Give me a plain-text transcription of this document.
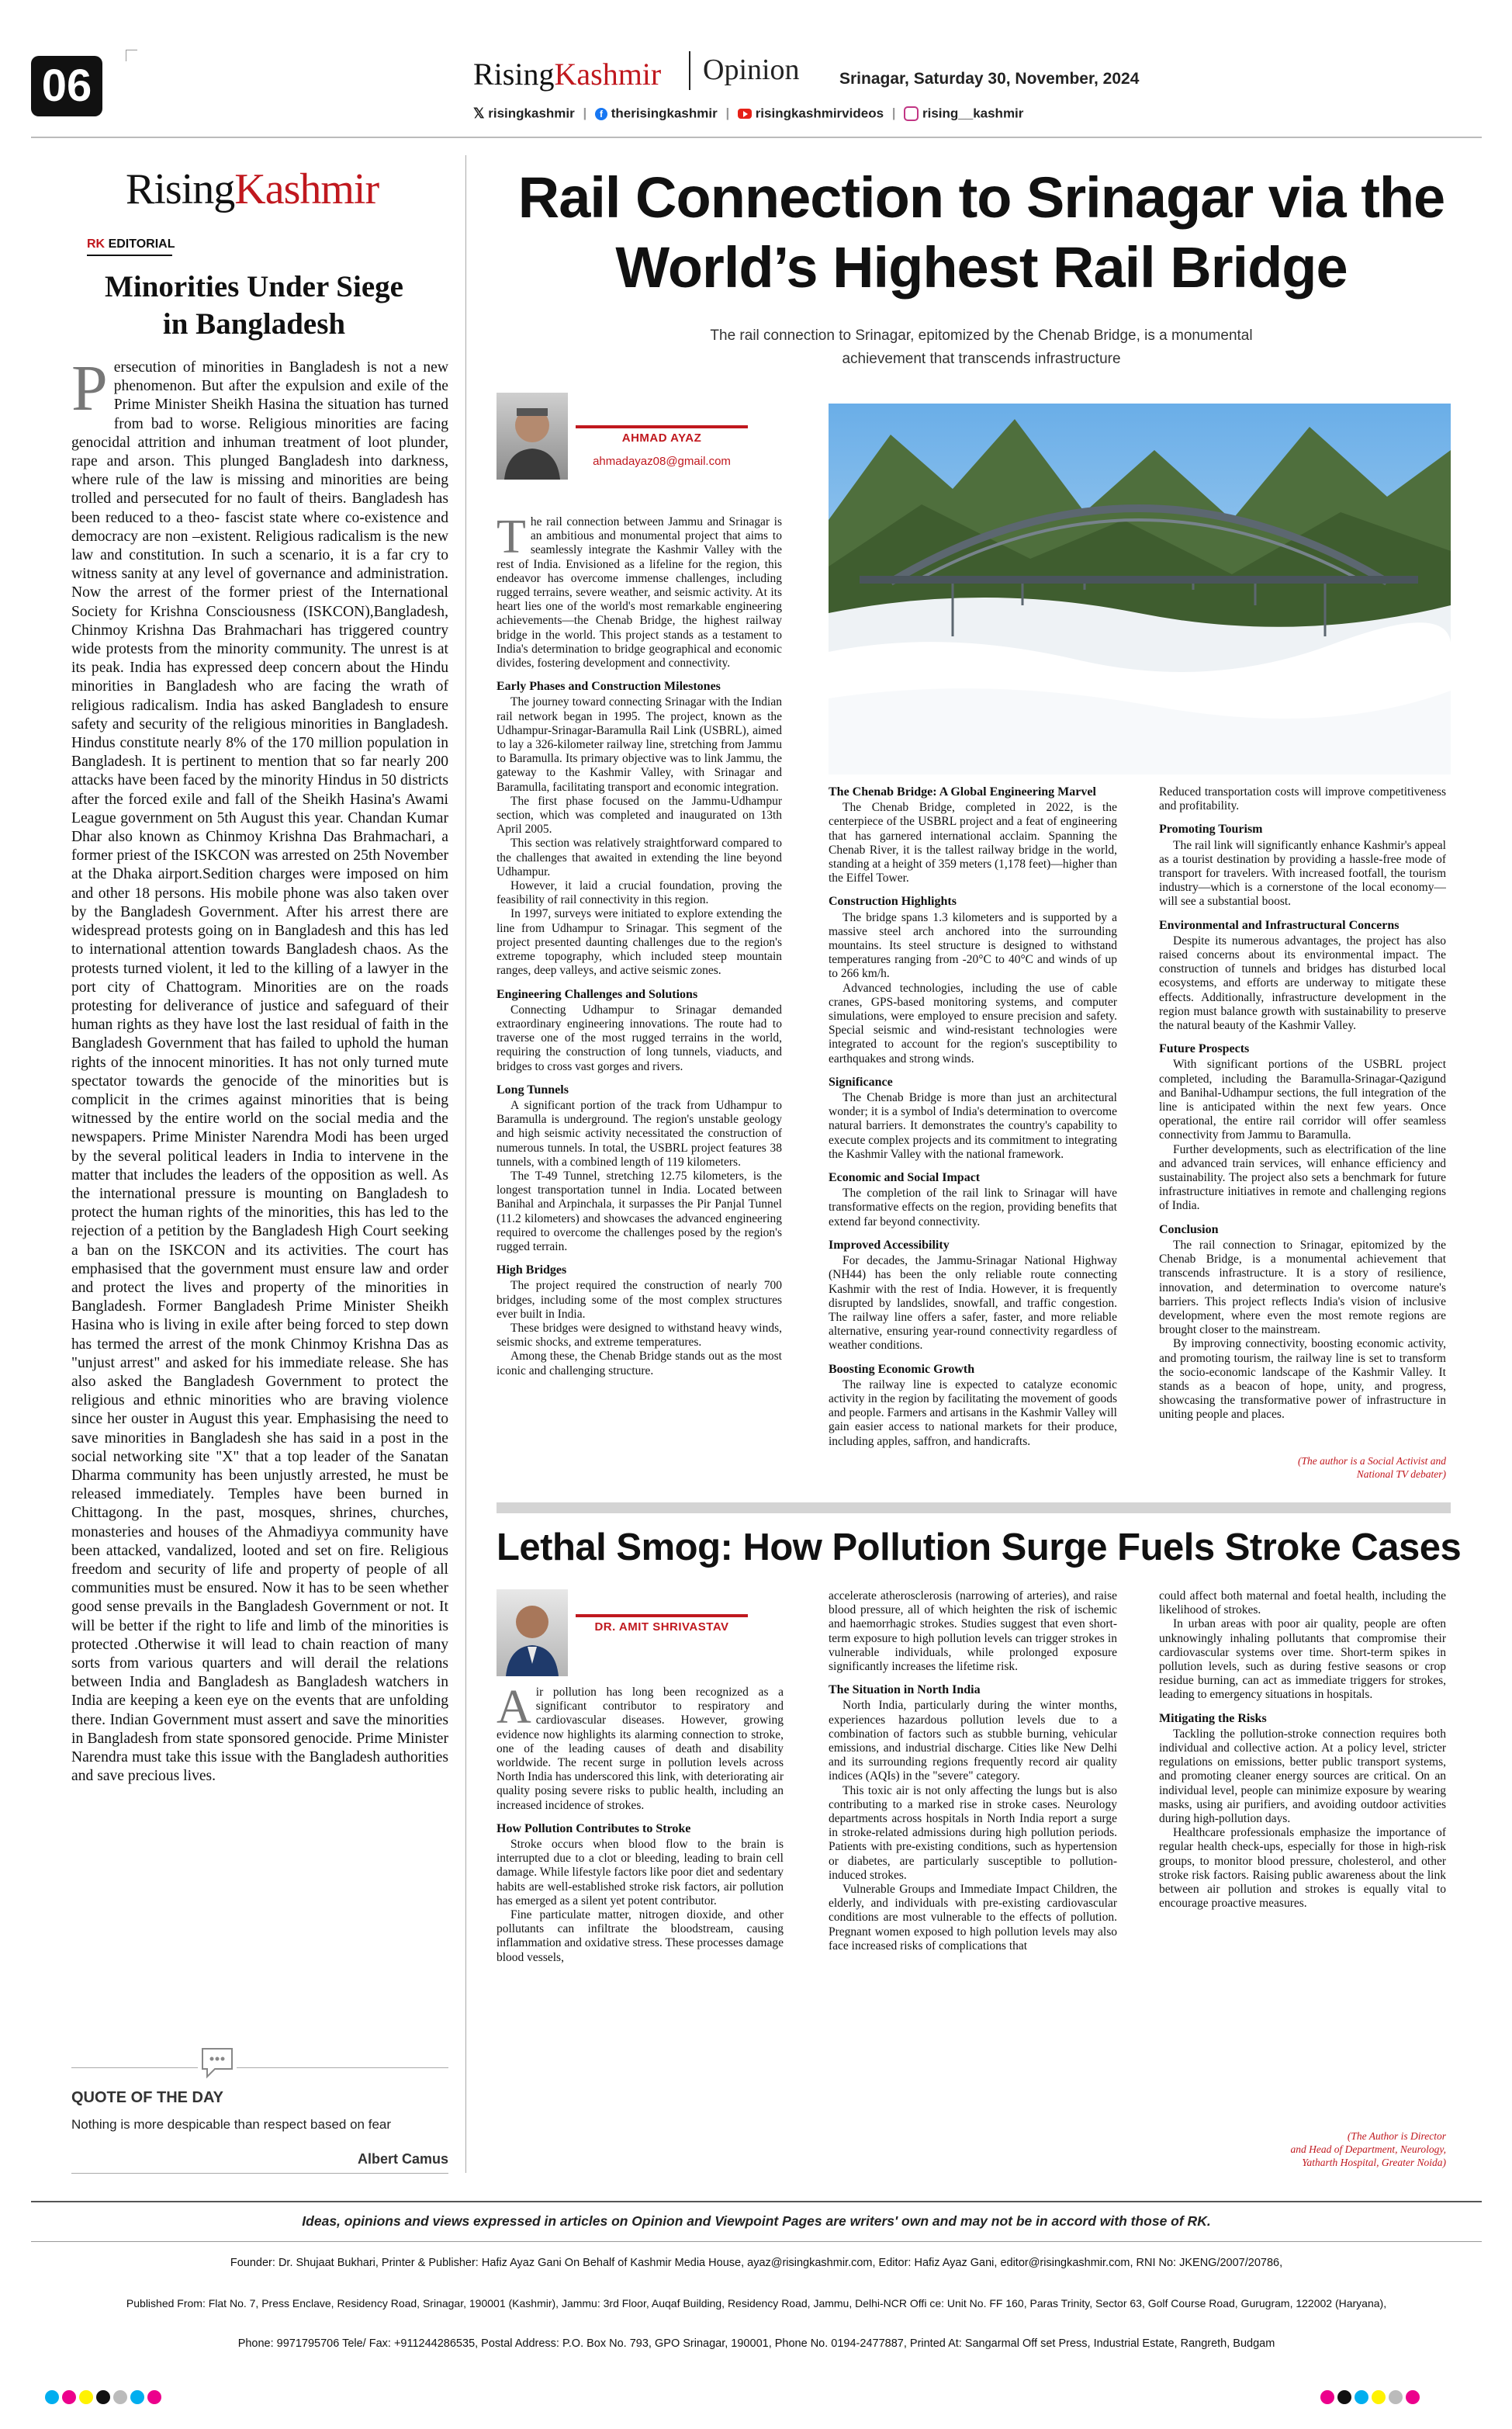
06	RisingKashmir Opinion Srinagar, Saturday 30, November, 2024
𝕏 risingkashmir | f therisingkashmir | risingkashmirvideos | rising__kashmir
RisingKashmir
RK EDITORIAL
Minorities Under Siege
in Bangladesh
Persecution of minorities in Bangladesh is not a new phenomenon. But after the expulsion and exile of the Prime Minister Sheikh Hasina the situation has turned from bad to worse. Religious minorities are facing genocidal attrition and inhuman treatment of loot plunder, rape and arson. This plunged Bangladesh into darkness, where rule of the law is missing and minorities are being trolled and persecuted for no fault of theirs. Bangladesh has been reduced to a theo- fascist state where co-existence and democracy are non –existent. Religious radicalism is the new law and constitution. In such a scenario, it is a far cry to witness sanity at any level of governance and administration. Now the arrest of the former priest of the International Society for Krishna Consciousness (ISKCON),Bangladesh, Chinmoy Krishna Das Brahmachari has triggered country wide protests from the minority community. The unrest is at its peak. India has expressed deep concern about the Hindu minorities in Bangladesh who are facing the wrath of religious radicalism. India has asked Bangladesh to ensure safety and security of the religious minorities in Bangladesh. Hindus constitute nearly 8% of the 170 million population in Bangladesh. It is pertinent to mention that so far nearly 200 attacks have been faced by the minority Hindus in 50 districts after the forced exile and fall of the Sheikh Hasina's Awami League government on 5th August this year. Chandan Kumar Dhar also known as Chinmoy Krishna Das Brahmachari, a former priest of the ISKCON was arrested on 25th November at the Dhaka airport.Sedition charges were imposed on him and other 18 persons. His mobile phone was also taken over by the Bangladesh Government. After his arrest there are widespread protests going on in Bangladesh and this has led to international attention towards Bangladesh chaos. As the protests turned violent, it led to the killing of a lawyer in the port city of Chattogram. Minorities are on the roads protesting for deliverance of justice and safeguard of their human rights as they have lost the last residual of faith in the Bangladesh Government that has failed to uphold the human rights of the innocent minorities. It has not only turned mute spectator towards the genocide of the minorities but is complicit in the crimes against minorities that is being witnessed by the entire world on the social media and the newspapers. Prime Minister Narendra Modi has been urged by the several political leaders in India to intervene in the matter that includes the leaders of the opposition as well. As the international pressure is mounting on Bangladesh to protect the human rights of the minorities, this has led to the rejection of a petition by the Bangladesh High Court seeking a ban on the ISKCON and its activities. The court has emphasised that the government must ensure law and order and protect the lives and property of the minorities in Bangladesh. Former Bangladesh Prime Minister Sheikh Hasina who is living in exile after being forced to step down has termed the arrest of the monk Chinmoy Krishna Das as "unjust arrest" and asked for his immediate release. She has also asked the Bangladesh Government to protect the religious and ethnic minorities who are braving violence since her ouster in August this year. Emphasising the need to save minorities in Bangladesh she has said in a post in the social networking site "X" that a top leader of the Sanatan Dharma community has been unjustly arrested, he must be released immediately. Temples have been burned in Chittagong. In the past, mosques, shrines, churches, monasteries and houses of the Ahmadiyya community have been attacked, vandalized, looted and set on fire. Religious freedom and security of life and property of people of all communities must be ensured. Now it has to be seen whether good sense prevails in the Bangladesh Government or not. It will be better if the right to life and limb of the minorities is protected .Otherwise it will lead to chain reaction of many sorts from various quarters and will derail the relations between India and Bangladesh as Bangladesh watchers in India are keeping a keen eye on the events that are unfolding there. Indian Government must assert and save the minorities in Bangladesh from state sponsored genocide. Prime Minister Narendra must take this issue with the Bangladesh authorities and save precious lives.
QUOTE OF THE DAY
Nothing is more despicable than respect based on fear
Albert Camus
Rail Connection to Srinagar via the
World’s Highest Rail Bridge
The rail connection to Srinagar, epitomized by the Chenab Bridge, is a monumental
achievement that transcends infrastructure
AHMAD AYAZ
ahmadayaz08@gmail.com

The rail connection between Jammu and Srinagar is an ambitious and monumental project that aims to seamlessly integrate the Kashmir Valley with the rest of India. Envisioned as a lifeline for the region, this endeavor has overcome immense challenges, including rugged terrains, severe weather, and seismic activity. At its heart lies one of the world's most remarkable engineering achievements—the Chenab Bridge, the highest railway bridge in the world. This project stands as a testament to India's determination to bridge geographical and economic divides, fostering development and connectivity.

Early Phases and Construction Milestones

The journey toward connecting Srinagar with the Indian rail network began in 1995. The project, known as the Udhampur-Srinagar-Baramulla Rail Link (USBRL), aimed to lay a 326-kilometer railway line, stretching from Jammu to Baramulla. Its primary objective was to link Jammu, the gateway to the Kashmir Valley, with Srinagar and Baramulla, facilitating transport and economic integration.

The first phase focused on the Jammu-Udhampur section, which was completed and inaugurated on 13th April 2005.

This section was relatively straightforward compared to the challenges that awaited in extending the line beyond Udhampur.

However, it laid a crucial foundation, proving the feasibility of rail connectivity in this region.

In 1997, surveys were initiated to explore extending the line from Udhampur to Srinagar. This segment of the project presented daunting challenges due to the region's extreme topography, which included steep mountain ranges, deep valleys, and active seismic zones.

Engineering Challenges and Solutions

Connecting Udhampur to Srinagar demanded extraordinary engineering innovations. The route had to traverse one of the most rugged terrains in the world, requiring the construction of long tunnels, viaducts, and bridges to cross vast gorges and rivers.

Long Tunnels

A significant portion of the track from Udhampur to Baramulla is underground. The region's unstable geology and high seismic activity necessitated the construction of numerous tunnels. In total, the USBRL project features 38 tunnels, with a combined length of 119 kilometers.

The T-49 Tunnel, stretching 12.75 kilometers, is the longest transportation tunnel in India. Located between Banihal and Arpinchala, it surpasses the Pir Panjal Tunnel (11.2 kilometers) and showcases the advanced engineering required to overcome the challenges posed by the region's rugged terrain.

High Bridges

The project required the construction of nearly 700 bridges, including some of the most complex structures ever built in India.

These bridges were designed to withstand heavy winds, seismic shocks, and extreme temperatures.

Among these, the Chenab Bridge stands out as the most iconic and challenging structure.

The Chenab Bridge: A Global Engineering Marvel

The Chenab Bridge, completed in 2022, is the centerpiece of the USBRL project and a feat of engineering that has garnered international acclaim. Spanning the Chenab River, it is the tallest railway bridge in the world, standing at a height of 359 meters (1,178 feet)—higher than the Eiffel Tower.

Construction Highlights

The bridge spans 1.3 kilometers and is supported by a massive steel arch anchored into the surrounding mountains. Its steel structure is designed to withstand temperatures ranging from -20°C to 40°C and winds of up to 266 km/h.

Advanced technologies, including the use of cable cranes, GPS-based monitoring systems, and computer simulations, were employed to ensure precision and safety. Special seismic and wind-resistant technologies were integrated to account for the region's susceptibility to earthquakes and strong winds.

Significance

The Chenab Bridge is more than just an architectural wonder; it is a symbol of India's determination to overcome natural barriers. It demonstrates the country's capability to execute complex projects and its commitment to integrating the Kashmir Valley with the national framework.

Economic and Social Impact

The completion of the rail link to Srinagar will have transformative effects on the region, providing benefits that extend far beyond connectivity.

Improved Accessibility

For decades, the Jammu-Srinagar National Highway (NH44) has been the only reliable route connecting Kashmir with the rest of India. However, it is frequently disrupted by landslides, snowfall, and traffic congestion. The railway line offers a safer, faster, and more reliable alternative, ensuring year-round connectivity regardless of weather conditions.

Boosting Economic Growth

The railway line is expected to catalyze economic activity in the region by facilitating the movement of goods and people. Farmers and artisans in the Kashmir Valley will gain easier access to national markets for their produce, including apples, saffron, and handicrafts.

Reduced transportation costs will improve competitiveness and profitability.

Promoting Tourism

The rail link will significantly enhance Kashmir's appeal as a tourist destination by providing a hassle-free mode of transport for travelers. With increased footfall, the tourism industry—which is a cornerstone of the local economy—will see a substantial boost.

Environmental and Infrastructural Concerns

Despite its numerous advantages, the project has also raised concerns about its environmental impact. The construction of tunnels and bridges has disturbed local ecosystems, and efforts are underway to mitigate these effects. Additionally, infrastructure development in the region must balance growth with sustainability to preserve the natural beauty of the Kashmir Valley.

Future Prospects

With significant portions of the USBRL project completed, including the Baramulla-Srinagar-Qazigund and Banihal-Udhampur sections, the full integration of the line is anticipated within the next few years. Once operational, the entire rail corridor will offer seamless connectivity from Jammu to Baramulla.

Further developments, such as electrification of the line and advanced train services, will enhance efficiency and sustainability. The project also sets a benchmark for future infrastructure initiatives in remote and challenging regions of India.

Conclusion

The rail connection to Srinagar, epitomized by the Chenab Bridge, is a monumental achievement that transcends infrastructure. It is a story of resilience, innovation, and determination to overcome nature's barriers. This project reflects India's vision of inclusive development, where even the most remote regions are brought closer to the mainstream.

By improving connectivity, boosting economic activity, and promoting tourism, the railway line is set to transform the socio-economic landscape of the Kashmir Valley. It stands as a beacon of hope, unity, and progress, showcasing the transformative power of infrastructure in uniting people and places.

(The author is a Social Activist and
National TV debater)
Lethal Smog: How Pollution Surge Fuels Stroke Cases
DR. AMIT SHRIVASTAV

Air pollution has long been recognized as a significant contributor to respiratory and cardiovascular diseases. However, growing evidence now highlights its alarming connection to stroke, one of the leading causes of death and disability worldwide. The recent surge in pollution levels across North India has underscored this link, with deteriorating air quality posing severe risks to public health, including an increased incidence of strokes.

How Pollution Contributes to Stroke

Stroke occurs when blood flow to the brain is interrupted due to a clot or bleeding, leading to brain cell damage. While lifestyle factors like poor diet and sedentary habits are well-established stroke risk factors, air pollution has emerged as a silent yet potent contributor.

Fine particulate matter, nitrogen dioxide, and other pollutants can infiltrate the bloodstream, causing inflammation and oxidative stress. These processes damage blood vessels,

accelerate atherosclerosis (narrowing of arteries), and raise blood pressure, all of which heighten the risk of ischemic and haemorrhagic strokes. Studies suggest that even short-term exposure to high pollution levels can trigger strokes in vulnerable individuals, while prolonged exposure significantly increases the lifetime risk.

The Situation in North India

North India, particularly during the winter months, experiences hazardous pollution levels due to a combination of factors such as stubble burning, vehicular emissions, and industrial discharge. Cities like New Delhi and its surrounding regions frequently record air quality indices (AQIs) in the "severe" category.

This toxic air is not only affecting the lungs but is also contributing to a marked rise in stroke cases. Neurology departments across hospitals in North India report a surge in stroke-related admissions during high pollution periods. Patients with pre-existing conditions, such as hypertension or diabetes, are particularly susceptible to pollution-induced strokes.

Vulnerable Groups and Immediate Impact Children, the elderly, and individuals with pre-existing cardiovascular conditions are most vulnerable to the effects of pollution. Pregnant women exposed to high pollution levels may also face increased risks of complications that

could affect both maternal and foetal health, including the likelihood of strokes.

In urban areas with poor air quality, people are often unknowingly inhaling pollutants that compromise their cardiovascular systems over time. Short-term spikes in pollution levels, such as during festive seasons or crop residue burning, can act as immediate triggers for strokes, leading to emergency situations in hospitals.

Mitigating the Risks

Tackling the pollution-stroke connection requires both individual and collective action. At a policy level, stricter regulations on emissions, better public transport systems, and promoting cleaner energy sources are critical. On an individual level, people can minimize exposure by wearing masks, using air purifiers, and avoiding outdoor activities during high-pollution days.

Healthcare professionals emphasize the importance of regular health check-ups, especially for those in high-risk groups, to monitor blood pressure, cholesterol, and other stroke risk factors. Raising public awareness about the link between air pollution and strokes is equally vital to encourage proactive measures.

(The Author is Director
and Head of Department, Neurology,
Yatharth Hospital, Greater Noida)
Ideas, opinions and views expressed in articles on Opinion and Viewpoint Pages are writers' own and may not be in accord with those of RK.
Founder: Dr. Shujaat Bukhari, Printer & Publisher: Hafiz Ayaz Gani On Behalf of Kashmir Media House, ayaz@risingkashmir.com, Editor: Hafiz Ayaz Gani, editor@risingkashmir.com, RNI No: JKENG/2007/20786,
Published From: Flat No. 7, Press Enclave, Residency Road, Srinagar, 190001 (Kashmir), Jammu: 3rd Floor, Auqaf Building, Residency Road, Jammu, Delhi-NCR Offi ce: Unit No. FF 160, Paras Trinity, Sector 63, Golf Course Road, Gurugram, 122002 (Haryana),
Phone: 9971795706 Tele/ Fax: +911244286535, Postal Address: P.O. Box No. 793, GPO Srinagar, 190001, Phone No. 0194-2477887, Printed At: Sangarmal Off set Press, Industrial Estate, Rangreth, Budgam
